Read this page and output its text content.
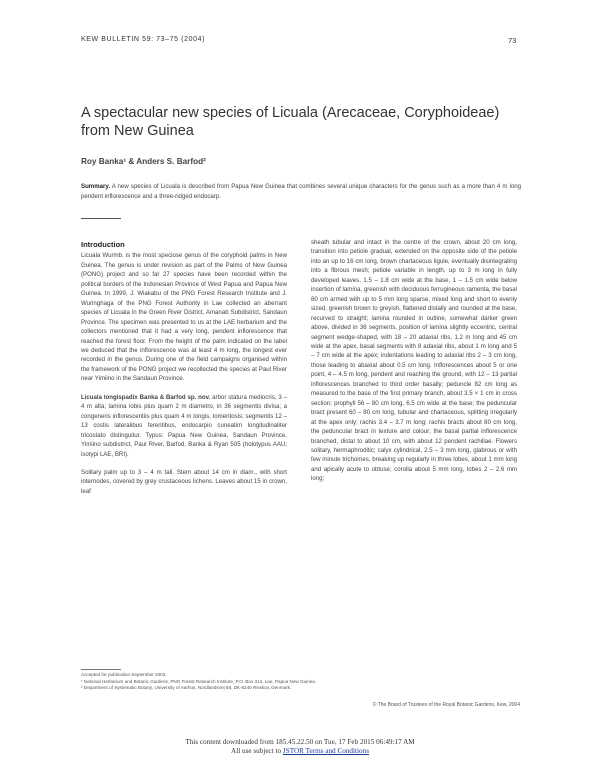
KEW BULLETIN 59: 73–75 (2004)	73
A spectacular new species of Licuala (Arecaceae, Coryphoideae) from New Guinea
Roy Banka¹ & Anders S. Barfod²
Summary. A new species of Licuala is described from Papua New Guinea that combines several unique characters for the genus such as a more than 4 m long pendent inflorescence and a three-ridged endocarp.
Introduction

Licuala Wurmb. is the most speciose genus of the coryphoid palms in New Guinea. The genus is under revision as part of the Palms of New Guinea (PONG) project and so far 27 species have been recorded within the political borders of the Indonesian Province of West Papua and Papua New Guinea. In 1999, J. Wiakabu of the PNG Forest Research Institute and J. Wuringhaga of the PNG Forest Authority in Lae collected an aberrant species of Licuala in the Green River District, Amanab Subdistrict, Sandaun Province. The specimen was presented to us at the LAE herbarium and the collectors mentioned that it had a very long, pendent inflorescence that reached the forest floor. From the height of the palm indicated on the label we deduced that the inflorescence was at least 4 m long, the longest ever recorded in the genus. During one of the field campaigns organised within the framework of the PONG project we recollected the species at Paul River near Yimiino in the Sandaun Province.

Licuala longispadix Banka & Barfod sp. nov. arbor statura mediocris, 3 – 4 m alta; lamina lobis plus quam 2 m diametro, in 36 segmentis divisa; a congeneris inflorescentiis plus quam 4 m longis, tomentosis; segmentis 12 – 13 costis lateralibus ferentibus, endocarpio cuneatim longitudinaliter tricostato distinguitur. Typus: Papua New Guinea, Sandaun Province, Yimiino subdistrict, Paul River, Barfod, Banka & Ryan 505 (holotypus AAU; isotypi LAE, BRI).

Solitary palm up to 3 – 4 m tall. Stem about 14 cm in diam., with short internodes, covered by grey crustaceous lichens. Leaves about 15 in crown, leaf

sheath tubular and intact in the centre of the crown, about 20 cm long, transition into petiole gradual, extended on the opposite side of the petiole into an up to 16 cm long, brown chartaceous ligule, eventually disintegrating into a fibrous mesh; petiole variable in length, up to 3 m long in fully developed leaves, 1.5 – 1.8 cm wide at the base, 1 – 1.5 cm wide below insertion of lamina, greenish with deciduous ferrugineous ramenta, the basal 80 cm armed with up to 5 mm long sparse, mixed long and short to evenly sized, greenish brown to greyish, flattened distally and rounded at the base, recurved to straight; lamina rounded in outline, somewhat darker green above, divided in 36 segments, position of lamina slightly eccentric, central segment wedge-shaped, with 18 – 20 adaxial ribs, 1.2 m long and 45 cm wide at the apex, basal segments with 8 adaxial ribs, about 1 m long and 5 – 7 cm wide at the apex; indentations leading to adaxial ribs 2 – 3 cm long, those leading to abaxial about 0.5 cm long. Inflorescences about 5 or one point, 4 – 4.5 m long, pendent and reaching the ground, with 12 – 13 partial inflorescences branched to third order basally; peduncle 82 cm long as measured to the base of the first primary branch, about 3.5 × 1 cm in cross section; prophyll 56 – 80 cm long, 6.5 cm wide at the base; the peduncular bract present 60 – 80 cm long, tubular and chartaceous, splitting irregularly at the apex only; rachis 3.4 – 3.7 m long; rachis bracts about 80 cm long, the peduncular bract in texture and colour; the basal partial inflorescence branched, distal to about 10 cm, with about 12 pendent rachillae. Flowers solitary, hermaphroditic; calyx cylindrical, 2.5 – 3 mm long, glabrous or with few minute trichomes, breaking up regularly in three lobes, about 1 mm long and apically acute to obtuse; corolla about 5 mm long, lobes 2 – 2.6 mm long;

Accepted for publication September 2003.
¹ National Herbarium and Botanic Gardens, PNG Forest Research Institute, P.O. Box 314, Lae, Papua New Guinea.
² Department of Systematic Botany, University of Aarhus, Nordlandsvej 68, DK-8240 Risskov, Denmark.
© The Board of Trustees of the Royal Botanic Gardens, Kew, 2004
This content downloaded from 185.45.22.50 on Tue, 17 Feb 2015 06:49:17 AM
All use subject to JSTOR Terms and Conditions
